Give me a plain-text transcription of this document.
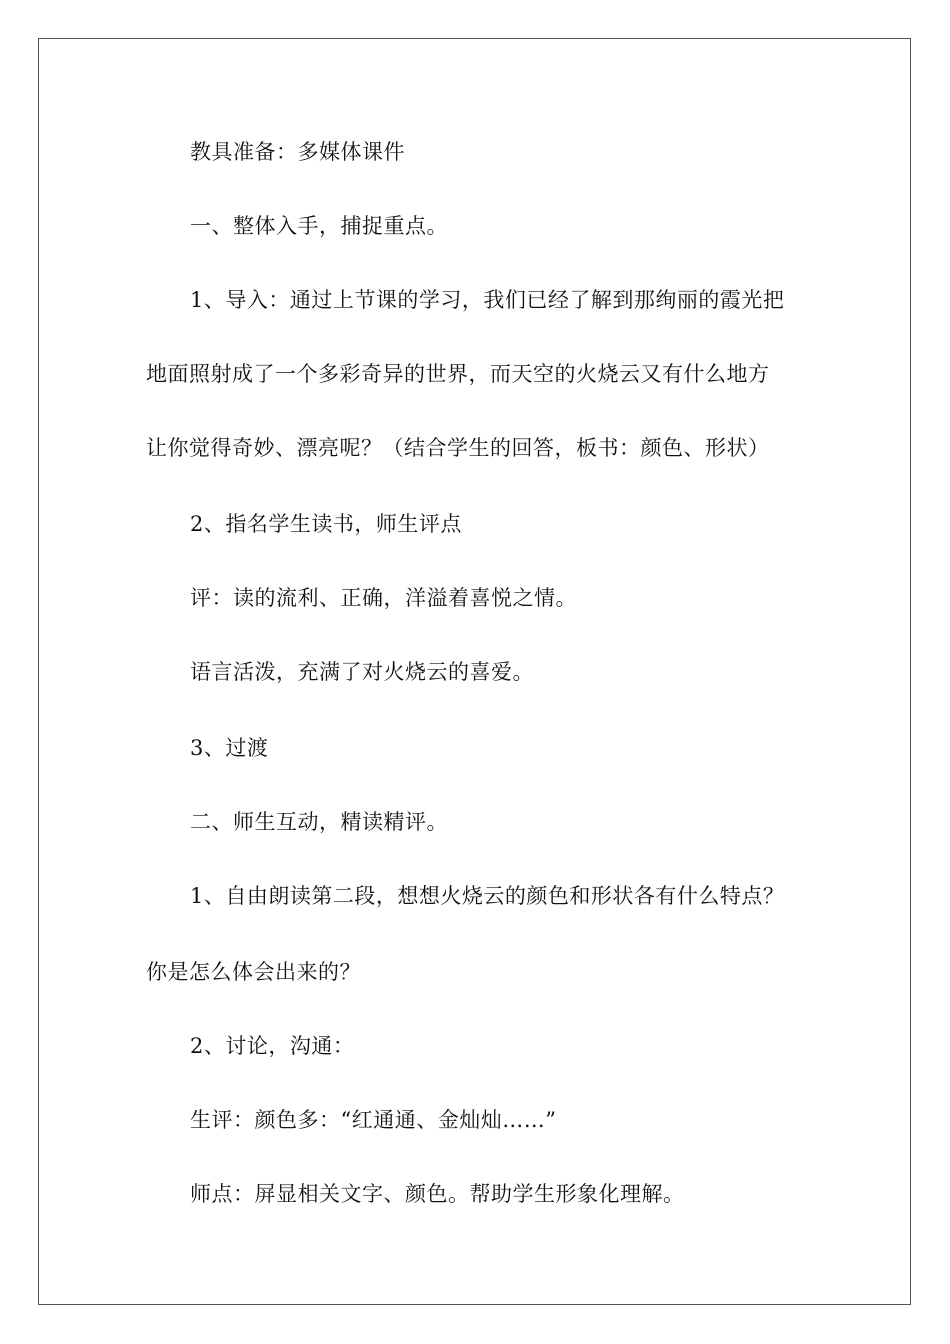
教具准备：多媒体课件
一、整体入手，捕捉重点。
1、导入：通过上节课的学习，我们已经了解到那绚丽的霞光把
地面照射成了一个多彩奇异的世界，而天空的火烧云又有什么地方
让你觉得奇妙、漂亮呢？（结合学生的回答，板书：颜色、形状）
2、指名学生读书，师生评点
评：读的流利、正确，洋溢着喜悦之情。
语言活泼，充满了对火烧云的喜爱。
3、过渡
二、师生互动，精读精评。
1、自由朗读第二段，想想火烧云的颜色和形状各有什么特点？
你是怎么体会出来的？
2、讨论，沟通：
生评：颜色多：“红通通、金灿灿……”
师点：屏显相关文字、颜色。帮助学生形象化理解。
